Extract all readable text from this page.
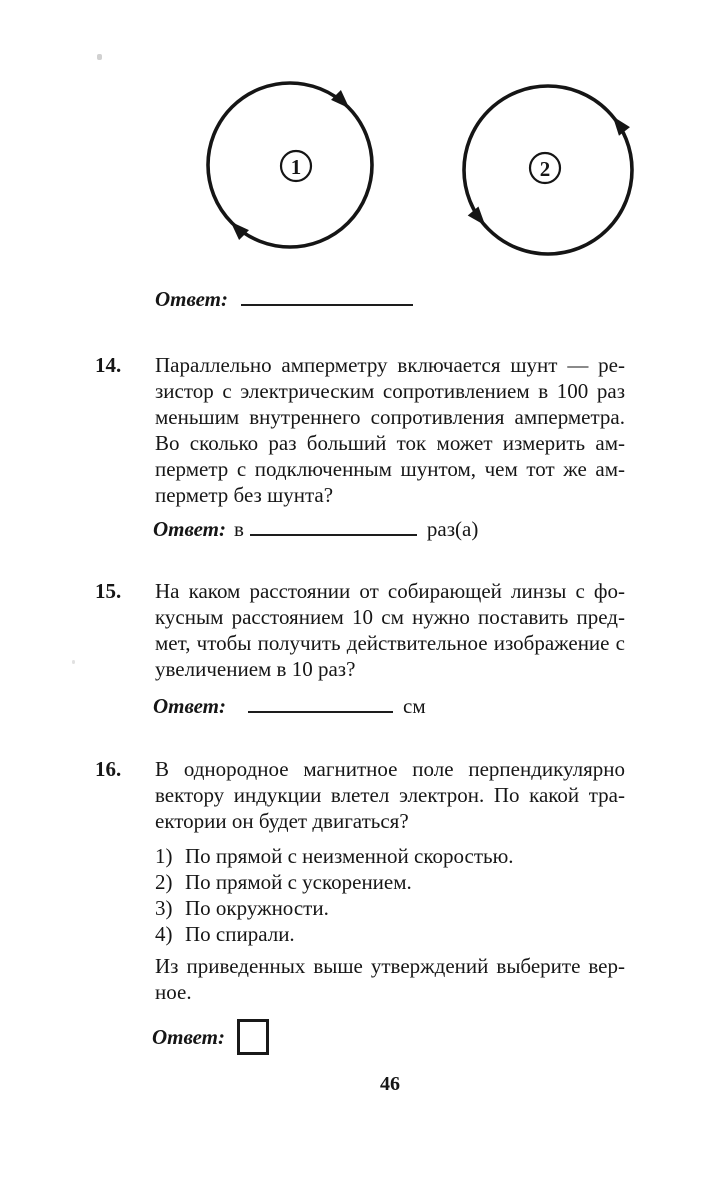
1	2
Ответ:
14.	Параллельно амперметру включается шунт — ре-
зистор с электрическим сопротивлением в 100 раз
меньшим внутреннего сопротивления амперметра.
Во сколько раз больший ток может измерить ам-
перметр с подключенным шунтом, чем тот же ам-
перметр без шунта?
Ответ: в	раз(а)
15.	На каком расстоянии от собирающей линзы с фо-
кусным расстоянием 10 см нужно поставить пред-
мет, чтобы получить действительное изображение с
увеличением в 10 раз?
Ответ:	см
16.	В однородное магнитное поле перпендикулярно
вектору индукции влетел электрон. По какой тра-
ектории он будет двигаться?
1) По прямой с неизменной скоростью.
2) По прямой с ускорением.
3) По окружности.
4) По спирали.
Из приведенных выше утверждений выберите вер-
ное.
Ответ:
46
